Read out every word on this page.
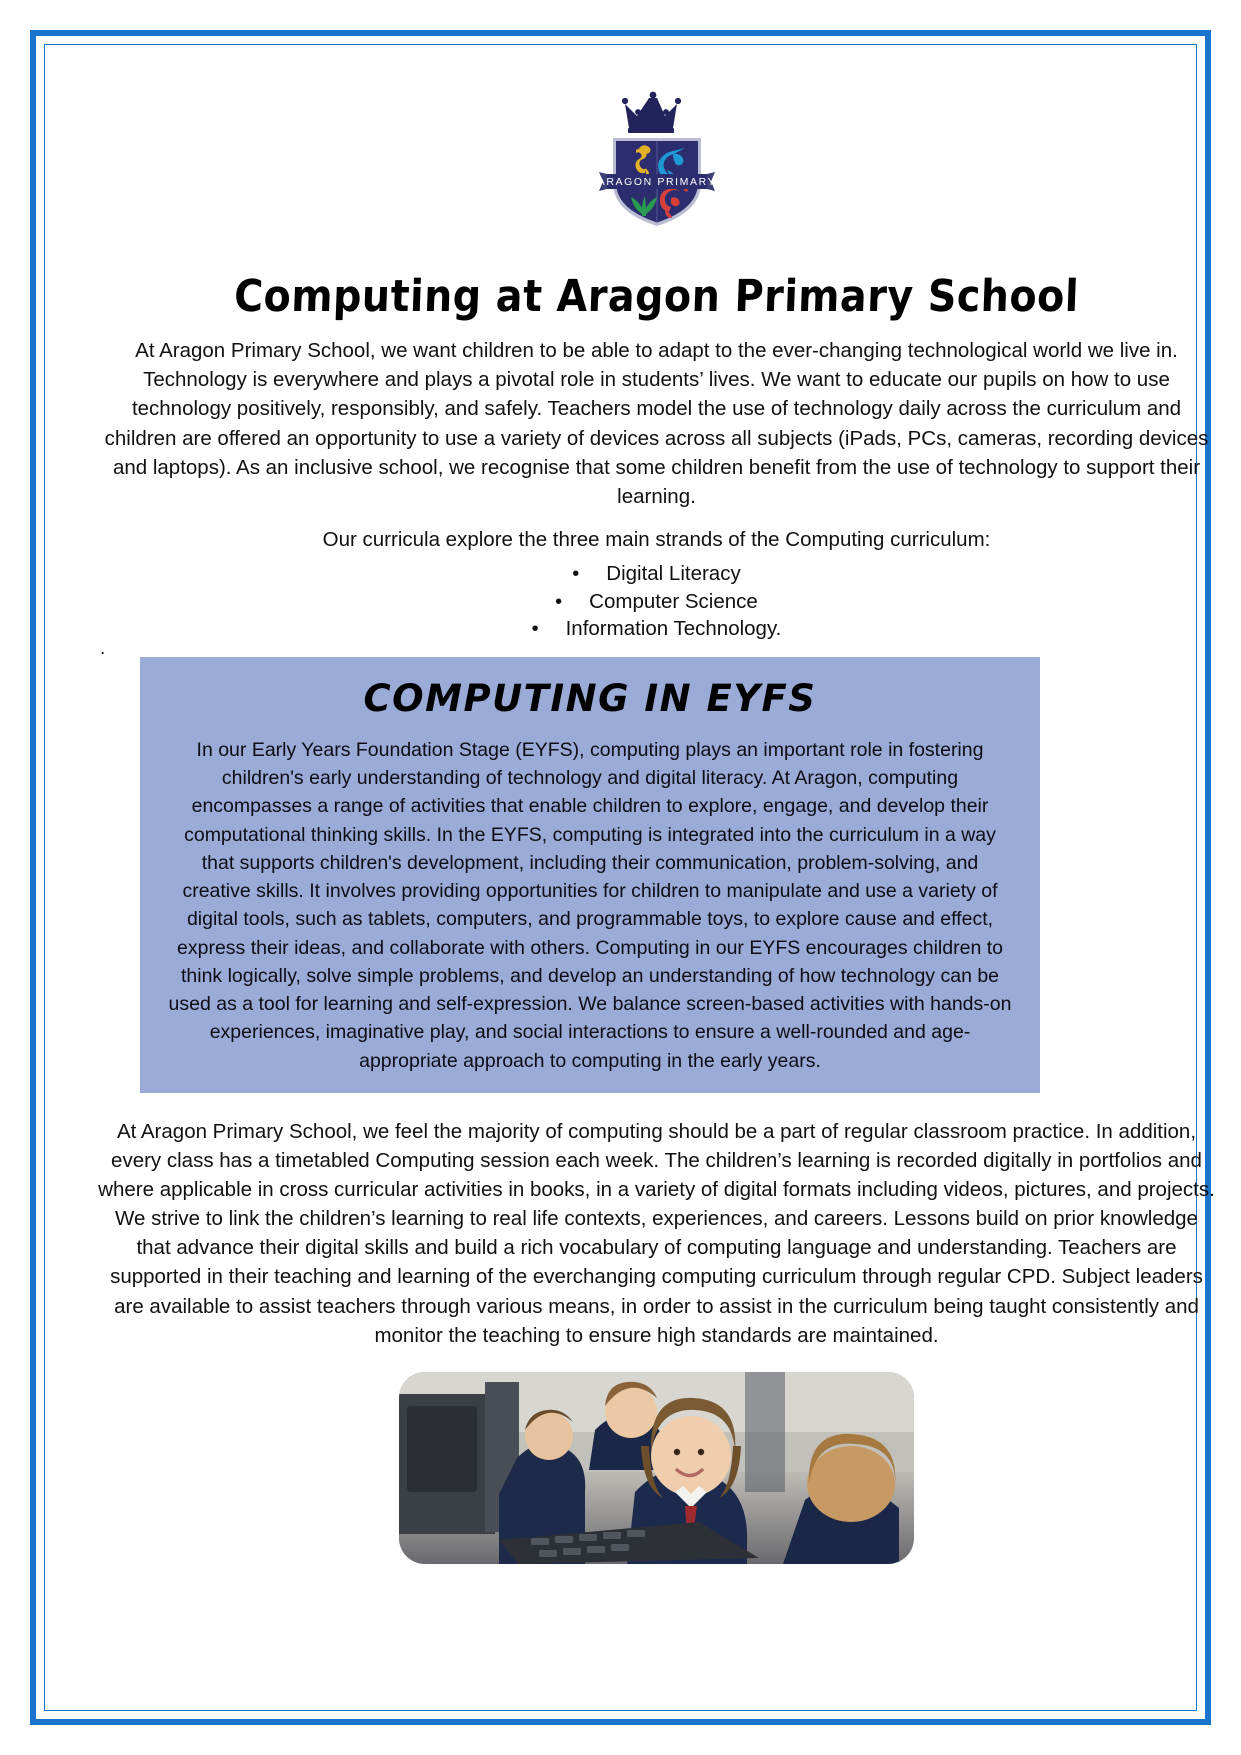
ARAGON PRIMARY
Computing at Aragon Primary School

At Aragon Primary School, we want children to be able to adapt to the ever-changing technological world we live in. Technology is everywhere and plays a pivotal role in students’ lives. We want to educate our pupils on how to use technology positively, responsibly, and safely. Teachers model the use of technology daily across the curriculum and children are offered an opportunity to use a variety of devices across all subjects (iPads, PCs, cameras, recording devices and laptops). As an inclusive school, we recognise that some children benefit from the use of technology to support their learning.

Our curricula explore the three main strands of the Computing curriculum:

• Digital Literacy
• Computer Science
• Information Technology.
.
COMPUTING IN EYFS

In our Early Years Foundation Stage (EYFS), computing plays an important role in fostering children's early understanding of technology and digital literacy. At Aragon, computing encompasses a range of activities that enable children to explore, engage, and develop their computational thinking skills. In the EYFS, computing is integrated into the curriculum in a way that supports children's development, including their communication, problem-solving, and creative skills. It involves providing opportunities for children to manipulate and use a variety of digital tools, such as tablets, computers, and programmable toys, to explore cause and effect, express their ideas, and collaborate with others. Computing in our EYFS encourages children to think logically, solve simple problems, and develop an understanding of how technology can be used as a tool for learning and self-expression. We balance screen-based activities with hands-on experiences, imaginative play, and social interactions to ensure a well-rounded and age-appropriate approach to computing in the early years.

At Aragon Primary School, we feel the majority of computing should be a part of regular classroom practice. In addition, every class has a timetabled Computing session each week. The children’s learning is recorded digitally in portfolios and where applicable in cross curricular activities in books, in a variety of digital formats including videos, pictures, and projects. We strive to link the children’s learning to real life contexts, experiences, and careers. Lessons build on prior knowledge that advance their digital skills and build a rich vocabulary of computing language and understanding. Teachers are supported in their teaching and learning of the everchanging computing curriculum through regular CPD. Subject leaders are available to assist teachers through various means, in order to assist in the curriculum being taught consistently and monitor the teaching to ensure high standards are maintained.
